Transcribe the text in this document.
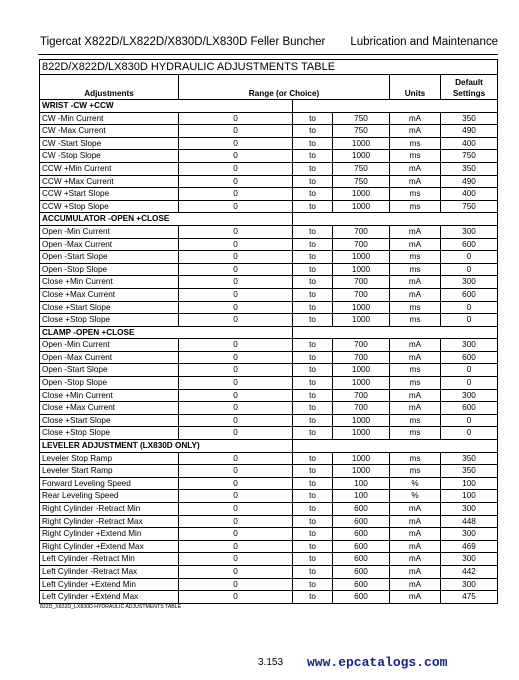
Tigercat X822D/LX822D/X830D/LX830D Feller Buncher Lubrication and Maintenance
822D/X822D/LX830D HYDRAULIC ADJUSTMENTS TABLE					
Adjustments	Range (or Choice)			Units	Default
Settings
WRIST -CW +CCW					
CW -Min Current	0	to	750	mA	350
CW -Max Current	0	to	750	mA	490
CW -Start Slope	0	to	1000	ms	400
CW -Stop Slope	0	to	1000	ms	750
CCW +Min Current	0	to	750	mA	350
CCW +Max Current	0	to	750	mA	490
CCW +Start Slope	0	to	1000	ms	400
CCW +Stop Slope	0	to	1000	ms	750
ACCUMULATOR -OPEN +CLOSE					
Open -Min Current	0	to	700	mA	300
Open -Max Current	0	to	700	mA	600
Open -Start Slope	0	to	1000	ms	0
Open -Stop Slope	0	to	1000	ms	0
Close +Min Current	0	to	700	mA	300
Close +Max Current	0	to	700	mA	600
Close +Start Slope	0	to	1000	ms	0
Close +Stop Slope	0	to	1000	ms	0
CLAMP -OPEN +CLOSE					
Open -Min Current	0	to	700	mA	300
Open -Max Current	0	to	700	mA	600
Open -Start Slope	0	to	1000	ms	0
Open -Stop Slope	0	to	1000	ms	0
Close +Min Current	0	to	700	mA	300
Close +Max Current	0	to	700	mA	600
Close +Start Slope	0	to	1000	ms	0
Close +Stop Slope	0	to	1000	ms	0
LEVELER ADJUSTMENT (LX830D ONLY)					
Leveler Stop Ramp	0	to	1000	ms	350
Leveler Start Ramp	0	to	1000	ms	350
Forward Leveling Speed	0	to	100	%	100
Rear Leveling Speed	0	to	100	%	100
Right Cylinder -Retract Min	0	to	600	mA	300
Right Cylinder -Retract Max	0	to	600	mA	448
Right Cylinder +Extend Min	0	to	600	mA	300
Right Cylinder +Extend Max	0	to	600	mA	469
Left Cylinder -Retract Min	0	to	600	mA	300
Left Cylinder -Retract Max	0	to	600	mA	442
Left Cylinder +Extend Min	0	to	600	mA	300
Left Cylinder +Extend Max	0	to	600	mA	475
822D_X822D_LX830D HYDRAULIC ADJUSTMENTS TABLE
3.153 www.epcatalogs.com
